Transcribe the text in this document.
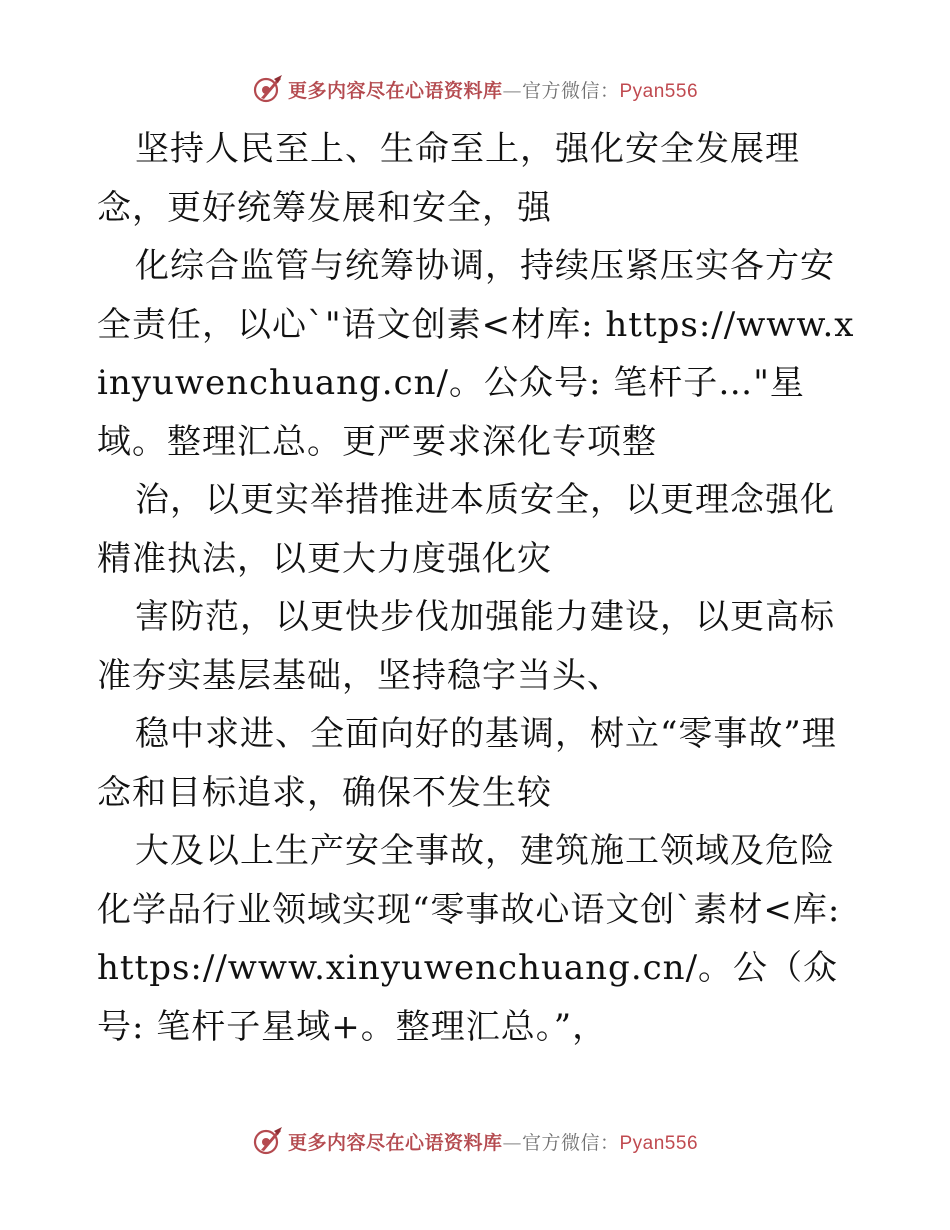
更多内容尽在心语资料库—官方微信：Pyan556

坚持人民至上、生命至上，强化安全发展理念，更好统筹发展和安全，强

化综合监管与统筹协调，持续压紧压实各方安全责任，以心`"语文创素<材库: https://www.xinyuwenchuang.cn/。公众号: 笔杆子…"星域。整理汇总。更严要求深化专项整

治，以更实举措推进本质安全，以更理念强化精准执法，以更大力度强化灾

害防范，以更快步伐加强能力建设，以更高标准夯实基层基础，坚持稳字当头、

稳中求进、全面向好的基调，树立“零事故”理念和目标追求，确保不发生较

大及以上生产安全事故，建筑施工领域及危险化学品行业领域实现“零事故心语文创`素材<库: https://www.xinyuwenchuang.cn/。公（众号: 笔杆子星域+。整理汇总。”，

更多内容尽在心语资料库—官方微信：Pyan556
